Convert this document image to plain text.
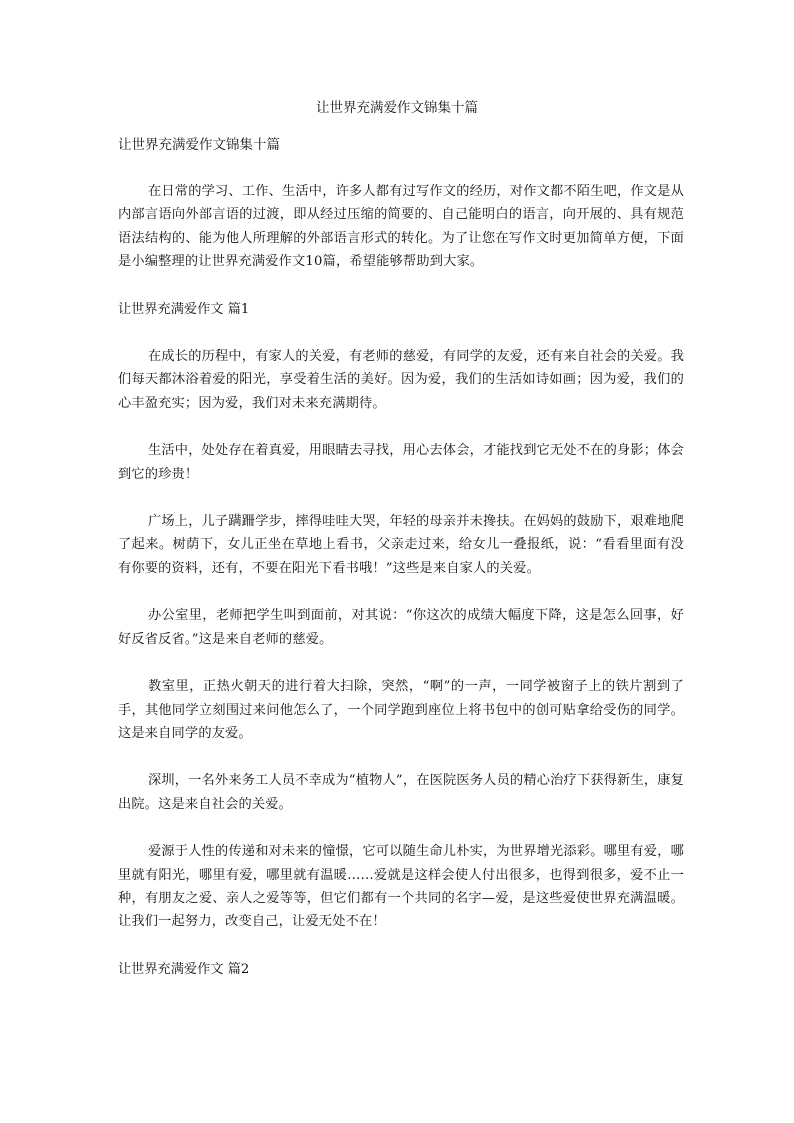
让世界充满爱作文锦集十篇
让世界充满爱作文锦集十篇

在日常的学习、工作、生活中，许多人都有过写作文的经历，对作文都不陌生吧，作文是从内部言语向外部言语的过渡，即从经过压缩的简要的、自己能明白的语言，向开展的、具有规范语法结构的、能为他人所理解的外部语言形式的转化。为了让您在写作文时更加简单方便，下面是小编整理的让世界充满爱作文10篇，希望能够帮助到大家。

让世界充满爱作文 篇1

在成长的历程中，有家人的关爱，有老师的慈爱，有同学的友爱，还有来自社会的关爱。我们每天都沐浴着爱的阳光，享受着生活的美好。因为爱，我们的生活如诗如画；因为爱，我们的心丰盈充实；因为爱，我们对未来充满期待。

生活中，处处存在着真爱，用眼睛去寻找，用心去体会，才能找到它无处不在的身影；体会到它的珍贵！

广场上，儿子蹒跚学步，摔得哇哇大哭，年轻的母亲并未搀扶。在妈妈的鼓励下，艰难地爬了起来。树荫下，女儿正坐在草地上看书，父亲走过来，给女儿一叠报纸，说：“看看里面有没有你要的资料，还有，不要在阳光下看书哦！”这些是来自家人的关爱。

办公室里，老师把学生叫到面前，对其说：“你这次的成绩大幅度下降，这是怎么回事，好好反省反省。”这是来自老师的慈爱。

教室里，正热火朝天的进行着大扫除，突然，“啊”的一声，一同学被窗子上的铁片割到了手，其他同学立刻围过来问他怎么了，一个同学跑到座位上将书包中的创可贴拿给受伤的同学。这是来自同学的友爱。

深圳，一名外来务工人员不幸成为“植物人”，在医院医务人员的精心治疗下获得新生，康复出院。这是来自社会的关爱。

爱源于人性的传递和对未来的憧憬，它可以随生命儿朴实，为世界增光添彩。哪里有爱，哪里就有阳光，哪里有爱，哪里就有温暖……爱就是这样会使人付出很多，也得到很多，爱不止一种，有朋友之爱、亲人之爱等等，但它们都有一个共同的名字—爱，是这些爱使世界充满温暖。让我们一起努力，改变自己，让爱无处不在！

让世界充满爱作文 篇2
